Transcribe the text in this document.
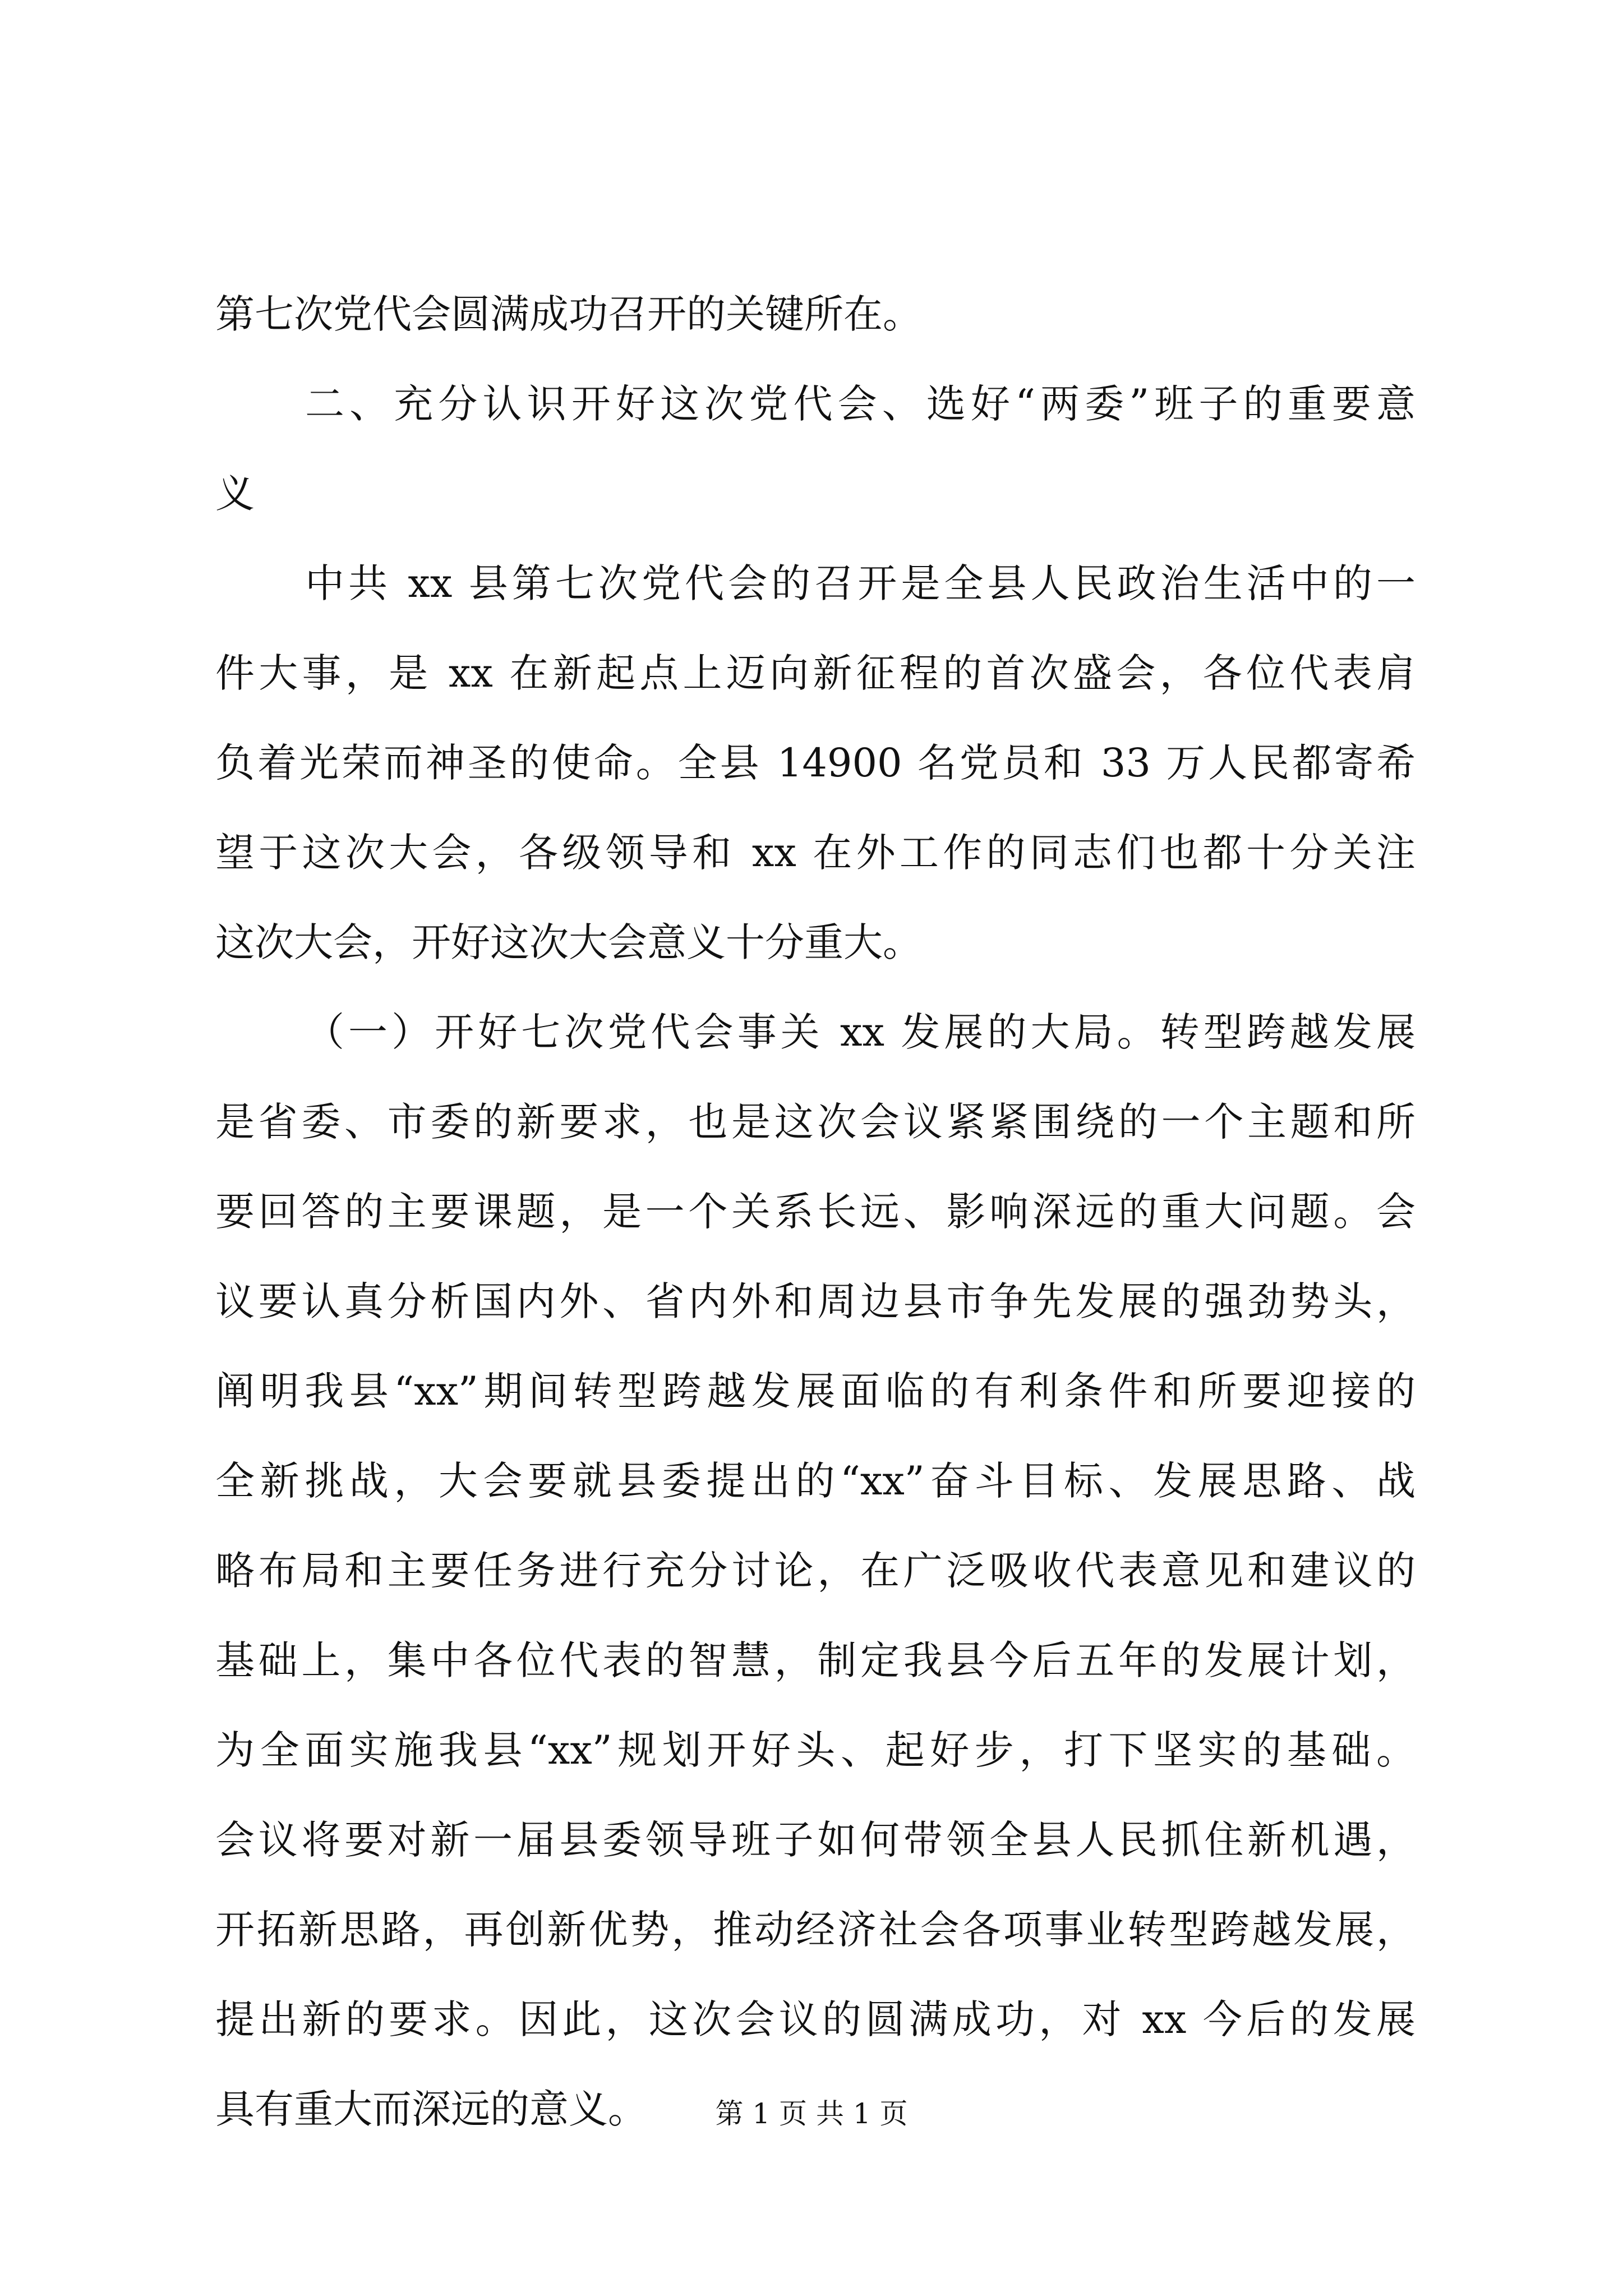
第七次党代会圆满成功召开的关键所在。
二、充分认识开好这次党代会、选好“两委”班子的重要意
义
中共 xx 县第七次党代会的召开是全县人民政治生活中的一
件大事，是 xx 在新起点上迈向新征程的首次盛会，各位代表肩
负着光荣而神圣的使命。全县 14900 名党员和 33 万人民都寄希
望于这次大会，各级领导和 xx 在外工作的同志们也都十分关注
这次大会，开好这次大会意义十分重大。
（一）开好七次党代会事关 xx 发展的大局。转型跨越发展
是省委、市委的新要求，也是这次会议紧紧围绕的一个主题和所
要回答的主要课题，是一个关系长远、影响深远的重大问题。会
议要认真分析国内外、省内外和周边县市争先发展的强劲势头，
阐明我县“xx”期间转型跨越发展面临的有利条件和所要迎接的
全新挑战，大会要就县委提出的“xx”奋斗目标、发展思路、战
略布局和主要任务进行充分讨论，在广泛吸收代表意见和建议的
基础上，集中各位代表的智慧，制定我县今后五年的发展计划，
为全面实施我县“xx”规划开好头、起好步，打下坚实的基础。
会议将要对新一届县委领导班子如何带领全县人民抓住新机遇，
开拓新思路，再创新优势，推动经济社会各项事业转型跨越发展，
提出新的要求。因此，这次会议的圆满成功，对 xx 今后的发展
具有重大而深远的意义。	第 1 页 共 1 页
